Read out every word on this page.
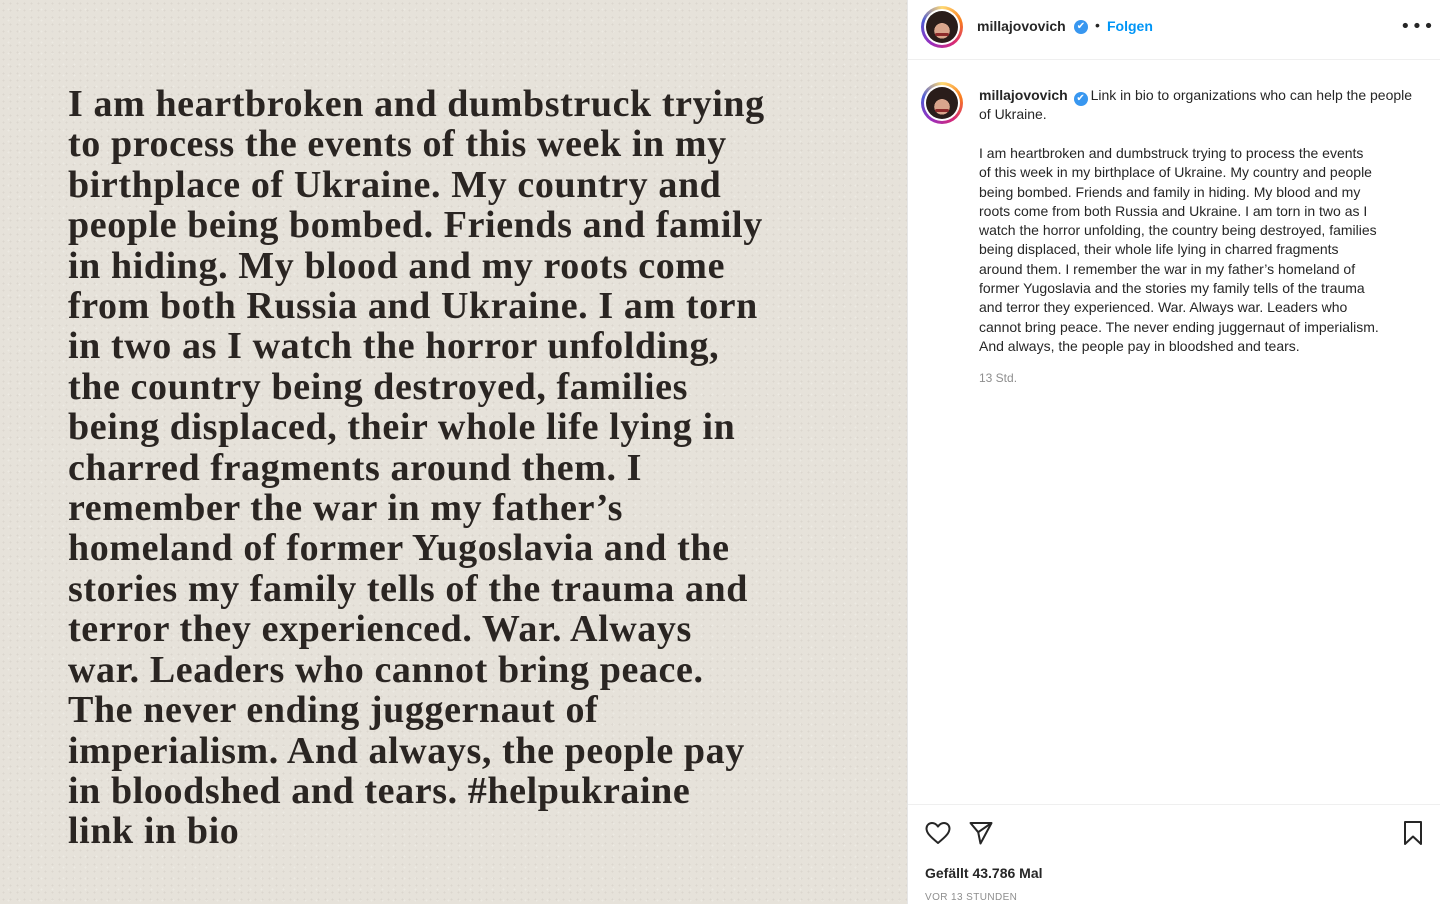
I am heartbroken and dumbstruck trying
to process the events of this week in my
birthplace of Ukraine. My country and
people being bombed. Friends and family
in hiding. My blood and my roots come
from both Russia and Ukraine. I am torn
in two as I watch the horror unfolding,
the country being destroyed, families
being displaced, their whole life lying in
charred fragments around them. I
remember the war in my father’s
homeland of former Yugoslavia and the
stories my family tells of the trauma and
terror they experienced. War. Always
war. Leaders who cannot bring peace.
The never ending juggernaut of
imperialism. And always, the people pay
in bloodshed and tears. #helpukraine
link in bio
millajovovich ✔ • Folgen	•••

millajovovich ✔ Link in bio to organizations who can help the people of Ukraine.

I am heartbroken and dumbstruck trying to process the events
of this week in my birthplace of Ukraine. My country and people
being bombed. Friends and family in hiding. My blood and my
roots come from both Russia and Ukraine. I am torn in two as I
watch the horror unfolding, the country being destroyed, families
being displaced, their whole life lying in charred fragments
around them. I remember the war in my father’s homeland of
former Yugoslavia and the stories my family tells of the trauma
and terror they experienced. War. Always war. Leaders who
cannot bring peace. The never ending juggernaut of imperialism.
And always, the people pay in bloodshed and tears.

13 Std.
Gefällt 43.786 Mal
VOR 13 STUNDEN
